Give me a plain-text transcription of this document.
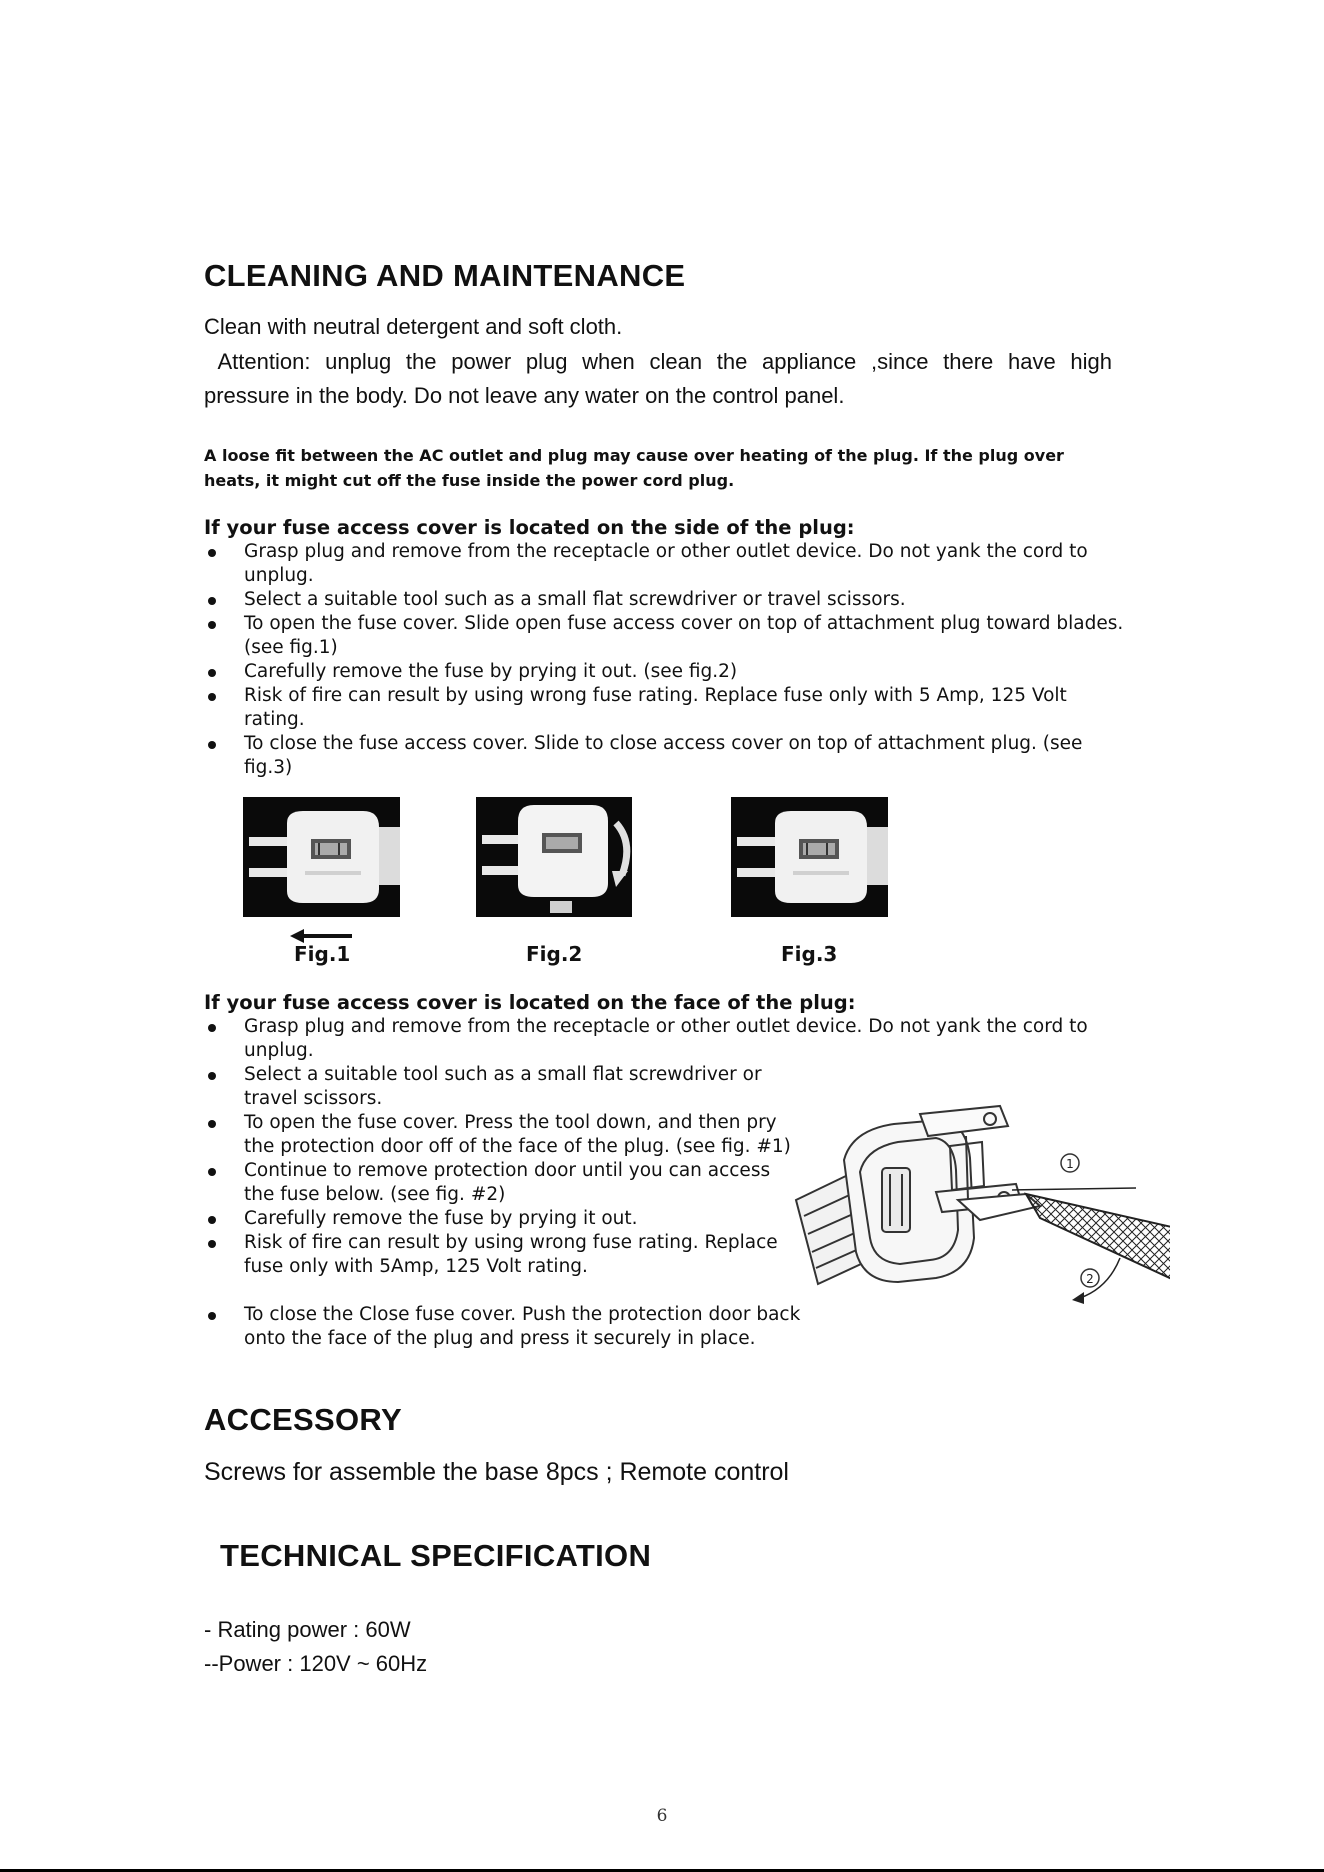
CLEANING AND MAINTENANCE

Clean with neutral detergent and soft cloth.

Attention: unplug the power plug when clean the appliance ,since there have high

pressure in the body. Do not leave any water on the control panel.

A loose fit between the AC outlet and plug may cause over heating of the plug. If the plug over

heats, it might cut off the fuse inside the power cord plug.

If your fuse access cover is located on the side of the plug:

Grasp plug and remove from the receptacle or other outlet device. Do not yank the cord to unplug.
Select a suitable tool such as a small flat screwdriver or travel scissors.
To open the fuse cover. Slide open fuse access cover on top of attachment plug toward blades. (see fig.1)
Carefully remove the fuse by prying it out. (see fig.2)
Risk of fire can result by using wrong fuse rating. Replace fuse only with 5 Amp, 125 Volt rating.
To close the fuse access cover. Slide to close access cover on top of attachment plug. (see fig.3)

Fig.1	Fig.2	Fig.3

If your fuse access cover is located on the face of the plug:

Grasp plug and remove from the receptacle or other outlet device. Do not yank the cord to unplug.
Select a suitable tool such as a small flat screwdriver or travel scissors.
To open the fuse cover. Press the tool down, and then pry the protection door off of the face of the plug. (see fig. #1)
Continue to remove protection door until you can access the fuse below. (see fig. #2)
Carefully remove the fuse by prying it out.
Risk of fire can result by using wrong fuse rating. Replace fuse only with 5Amp, 125 Volt rating.
To close the Close fuse cover. Push the protection door back onto the face of the plug and press it securely in place.
1
2
ACCESSORY

Screws for assemble the base 8pcs ; Remote control

TECHNICAL SPECIFICATION

- Rating power : 60W

--Power : 120V ~ 60Hz

6
